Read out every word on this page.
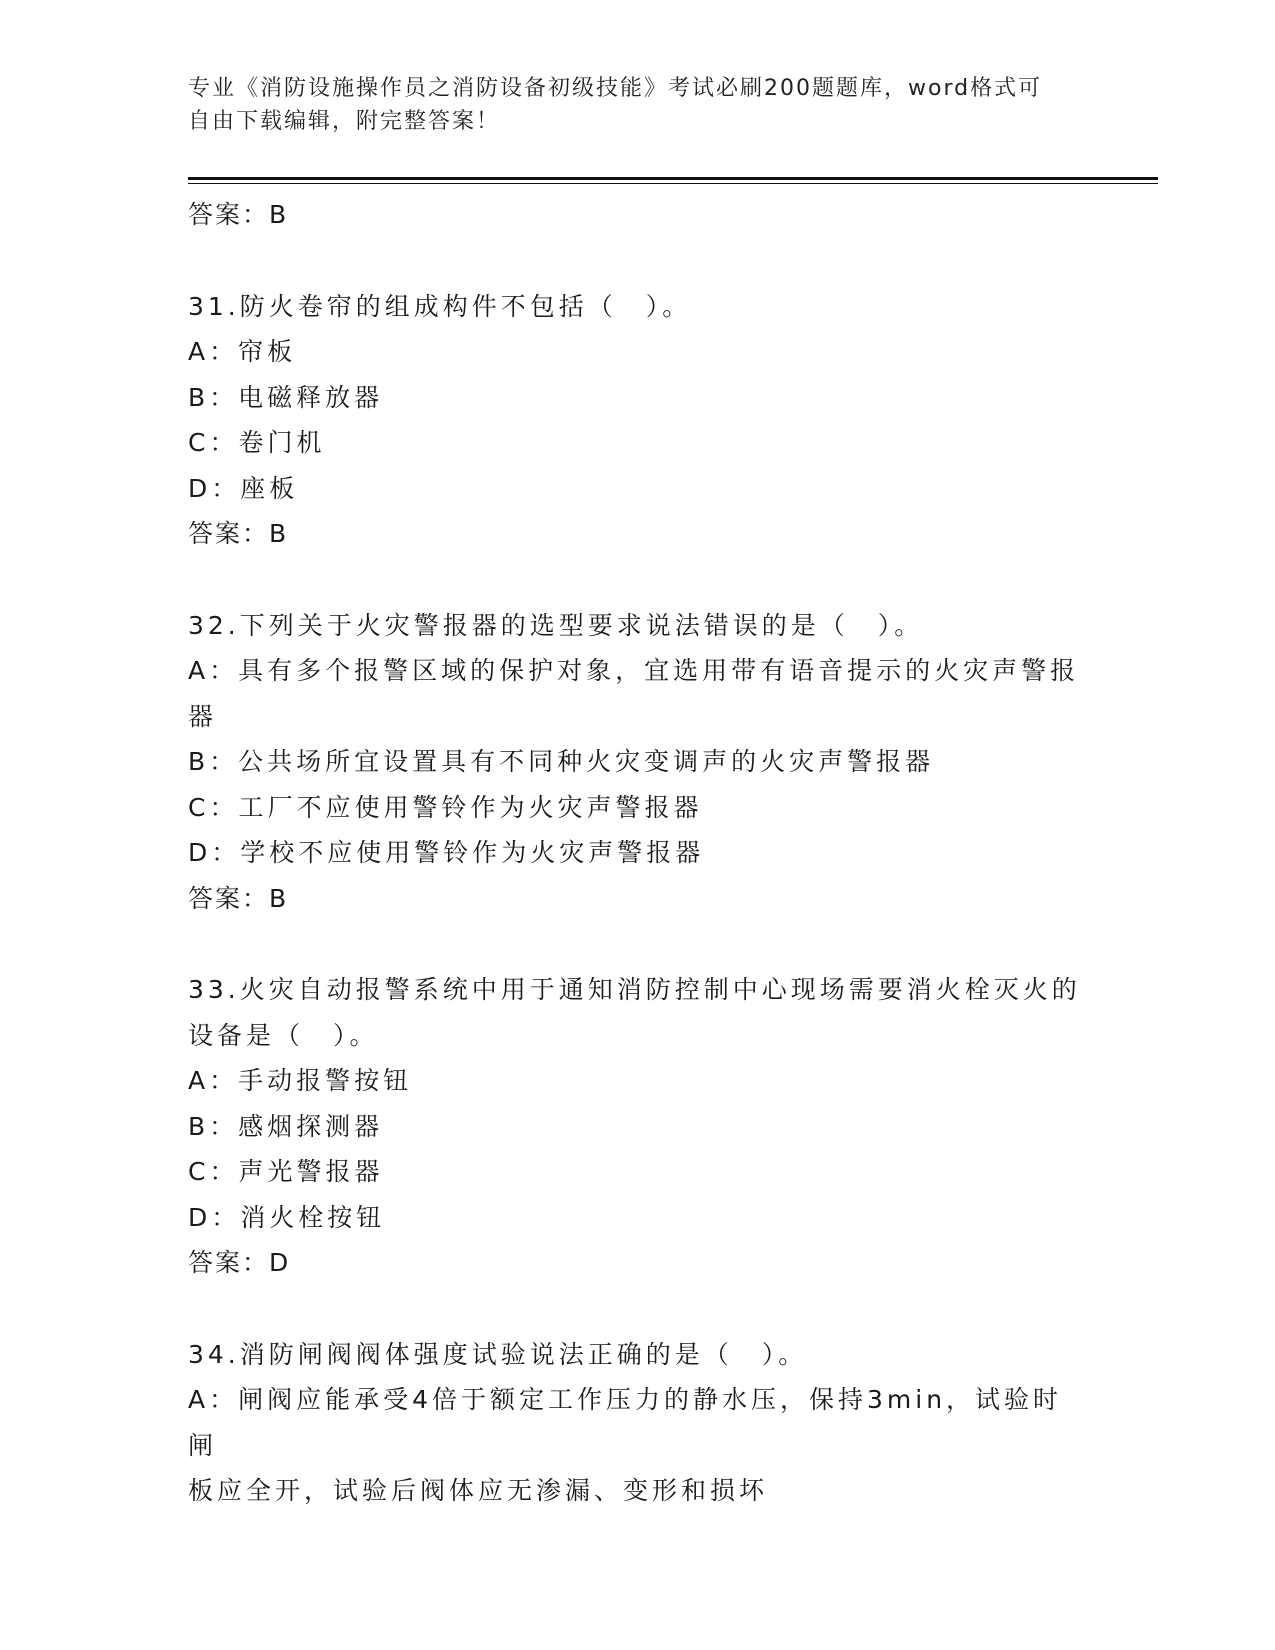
专业《消防设施操作员之消防设备初级技能》考试必刷200题题库，word格式可
自由下载编辑，附完整答案！
答案：B
31.防火卷帘的组成构件不包括（　）。
A：帘板
B：电磁释放器
C：卷门机
D：座板
答案：B
32.下列关于火灾警报器的选型要求说法错误的是（　）。
A：具有多个报警区域的保护对象，宜选用带有语音提示的火灾声警报
器
B：公共场所宜设置具有不同种火灾变调声的火灾声警报器
C：工厂不应使用警铃作为火灾声警报器
D：学校不应使用警铃作为火灾声警报器
答案：B
33.火灾自动报警系统中用于通知消防控制中心现场需要消火栓灭火的
设备是（　）。
A：手动报警按钮
B：感烟探测器
C：声光警报器
D：消火栓按钮
答案：D
34.消防闸阀阀体强度试验说法正确的是（　）。
A：闸阀应能承受4倍于额定工作压力的静水压，保持3min，试验时闸
板应全开，试验后阀体应无渗漏、变形和损坏
